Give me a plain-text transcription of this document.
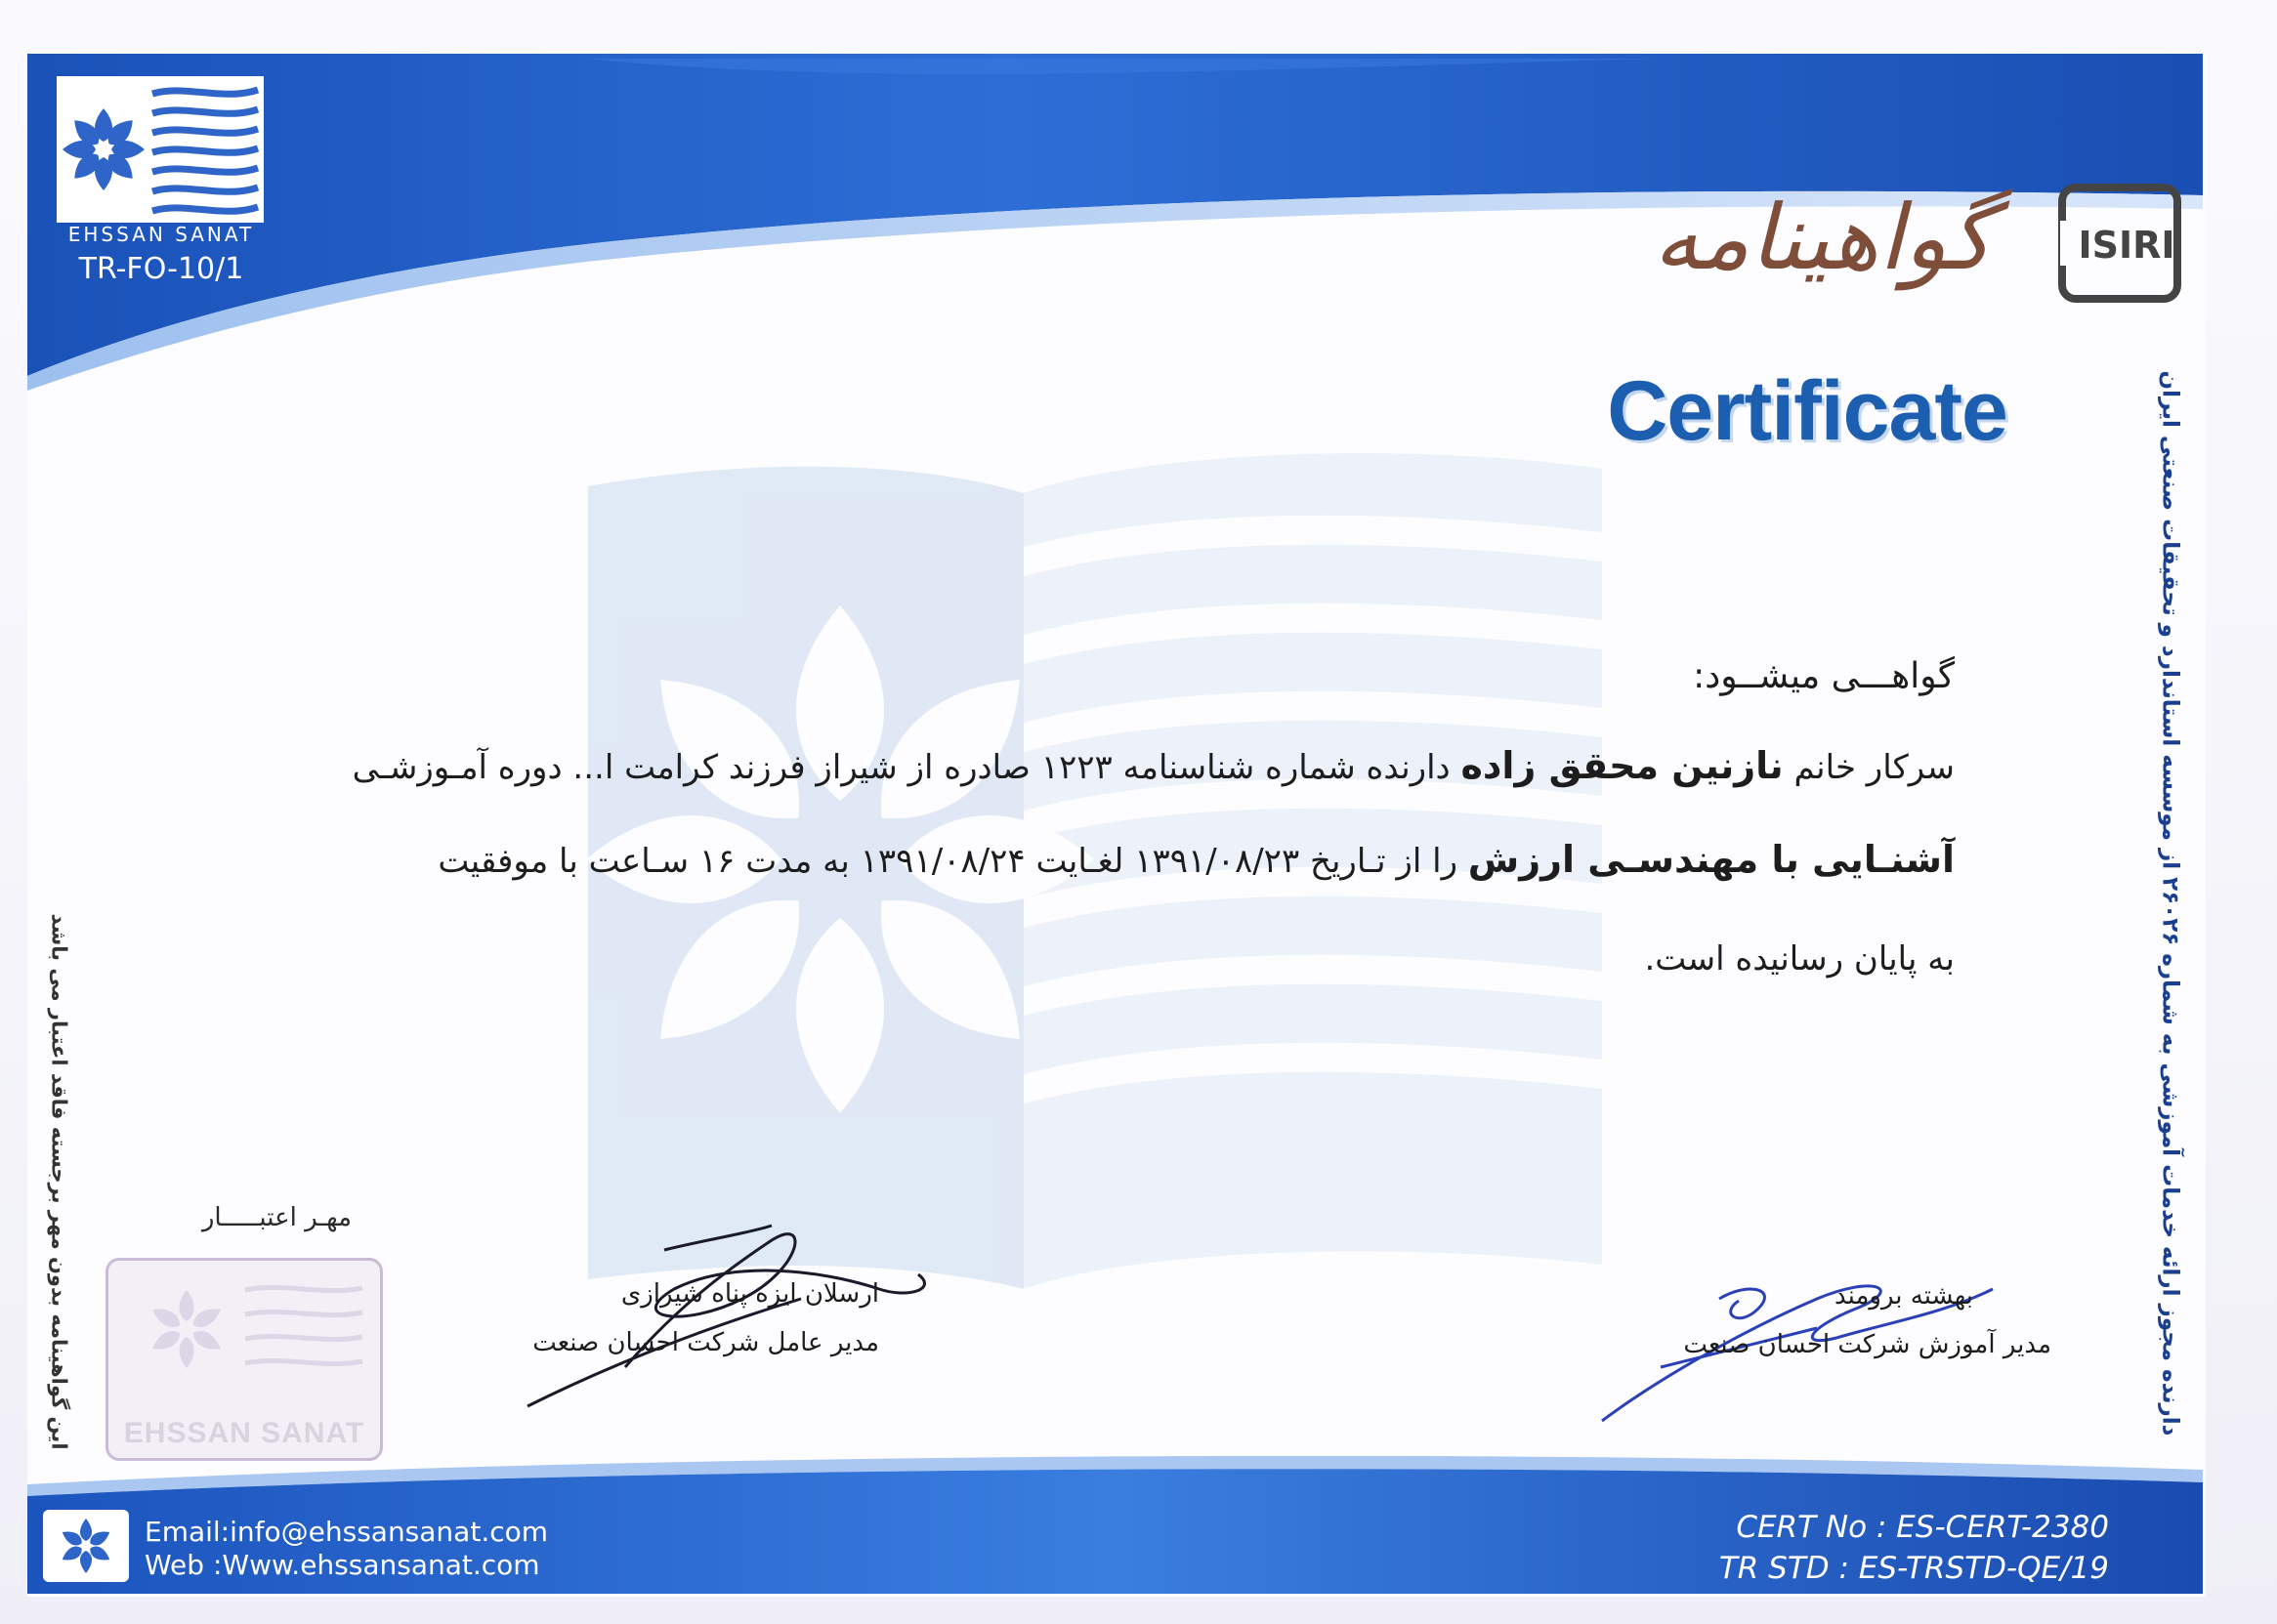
EHSSAN SANAT
TR-FO-10/1
ISIRI
گواهینامه
Certificate	دارنده مجوز ارائه خدمات آموزشی به شماره ۲۶۰۲۶ از موسسه استاندارد و تحقیقات صنعتی ایران
این گواهینامه بدون مهر برجسته فاقد اعتبار می باشد
گواهـــی میشــود:
سرکار خانم نازنین محقق زاده دارنده شماره شناسنامه ۱۲۲۳ صادره از شیراز فرزند کرامت ا... دوره آمـوزشـی
آشنـایی با مهندسـی ارزش را از تـاریخ ۱۳۹۱/۰۸/۲۳ لغـایت ۱۳۹۱/۰۸/۲۴ به مدت ۱۶ سـاعت با موفقیت
به پایان رسانیده است.
مهـر اعتبـــــار
EHSSAN SANAT
ارسلان ایزه پناه شیرازی
مدیر عامل شرکت احسان صنعت
بهشته برومند
مدیر آموزش شرکت احسان صنعت
Email:info@ehssansanat.com
Web :Www.ehssansanat.com
CERT No : ES-CERT-2380
TR STD : ES-TRSTD-QE/19
